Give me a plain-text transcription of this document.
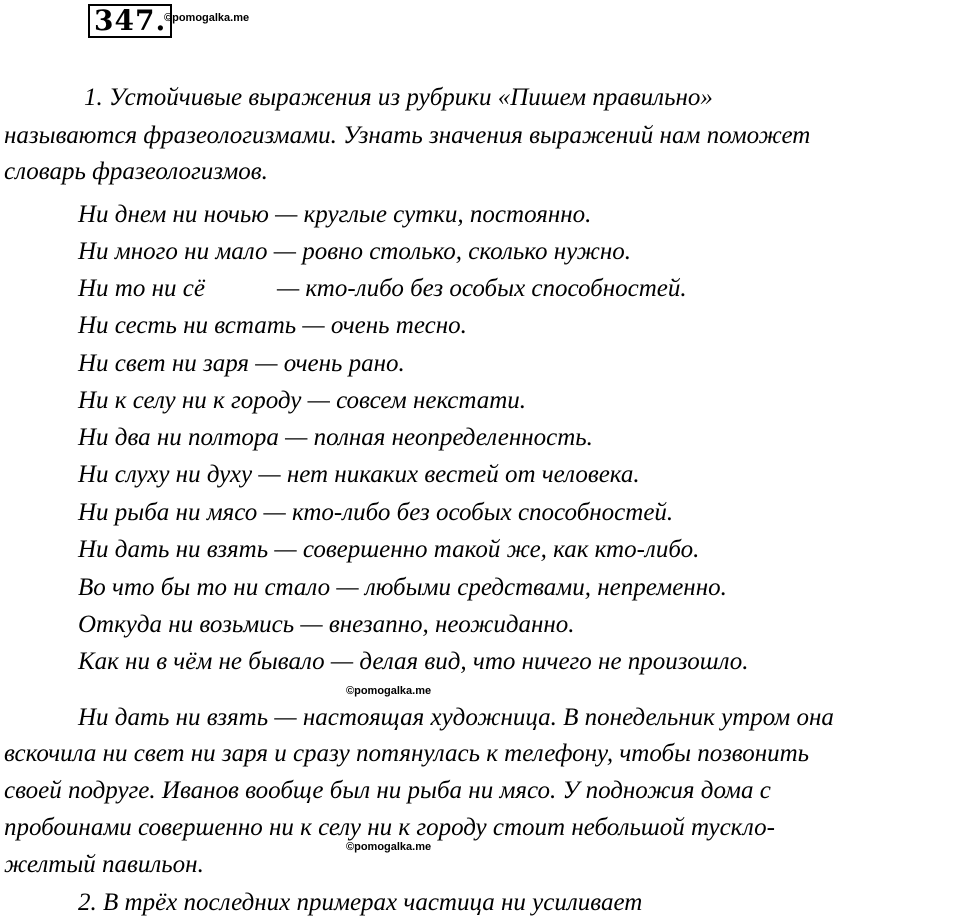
347.
©pomogalka.me
1. Устойчивые выражения из рубрики «Пишем правильно»
называются фразеологизмами. Узнать значения выражений нам поможет
словарь фразеологизмов.
Ни днем ни ночью — круглые сутки, постоянно.
Ни много ни мало — ровно столько, сколько нужно.
Ни то ни сё	— кто-либо без особых способностей.
Ни сесть ни встать — очень тесно.
Ни свет ни заря — очень рано.
Ни к селу ни к городу — совсем некстати.
Ни два ни полтора — полная неопределенность.
Ни слуху ни духу — нет никаких вестей от человека.
Ни рыба ни мясо — кто-либо без особых способностей.
Ни дать ни взять — совершенно такой же, как кто-либо.
Во что бы то ни стало — любыми средствами, непременно.
Откуда ни возьмись — внезапно, неожиданно.
Как ни в чём не бывало — делая вид, что ничего не произошло.
©pomogalka.me
Ни дать ни взять — настоящая художница. В понедельник утром она
вскочила ни свет ни заря и сразу потянулась к телефону, чтобы позвонить
своей подруге. Иванов вообще был ни рыба ни мясо. У подножия дома с
пробоинами совершенно ни к селу ни к городу стоит небольшой тускло-
©pomogalka.me
желтый павильон.
2. В трёх последних примерах частица ни усиливает
